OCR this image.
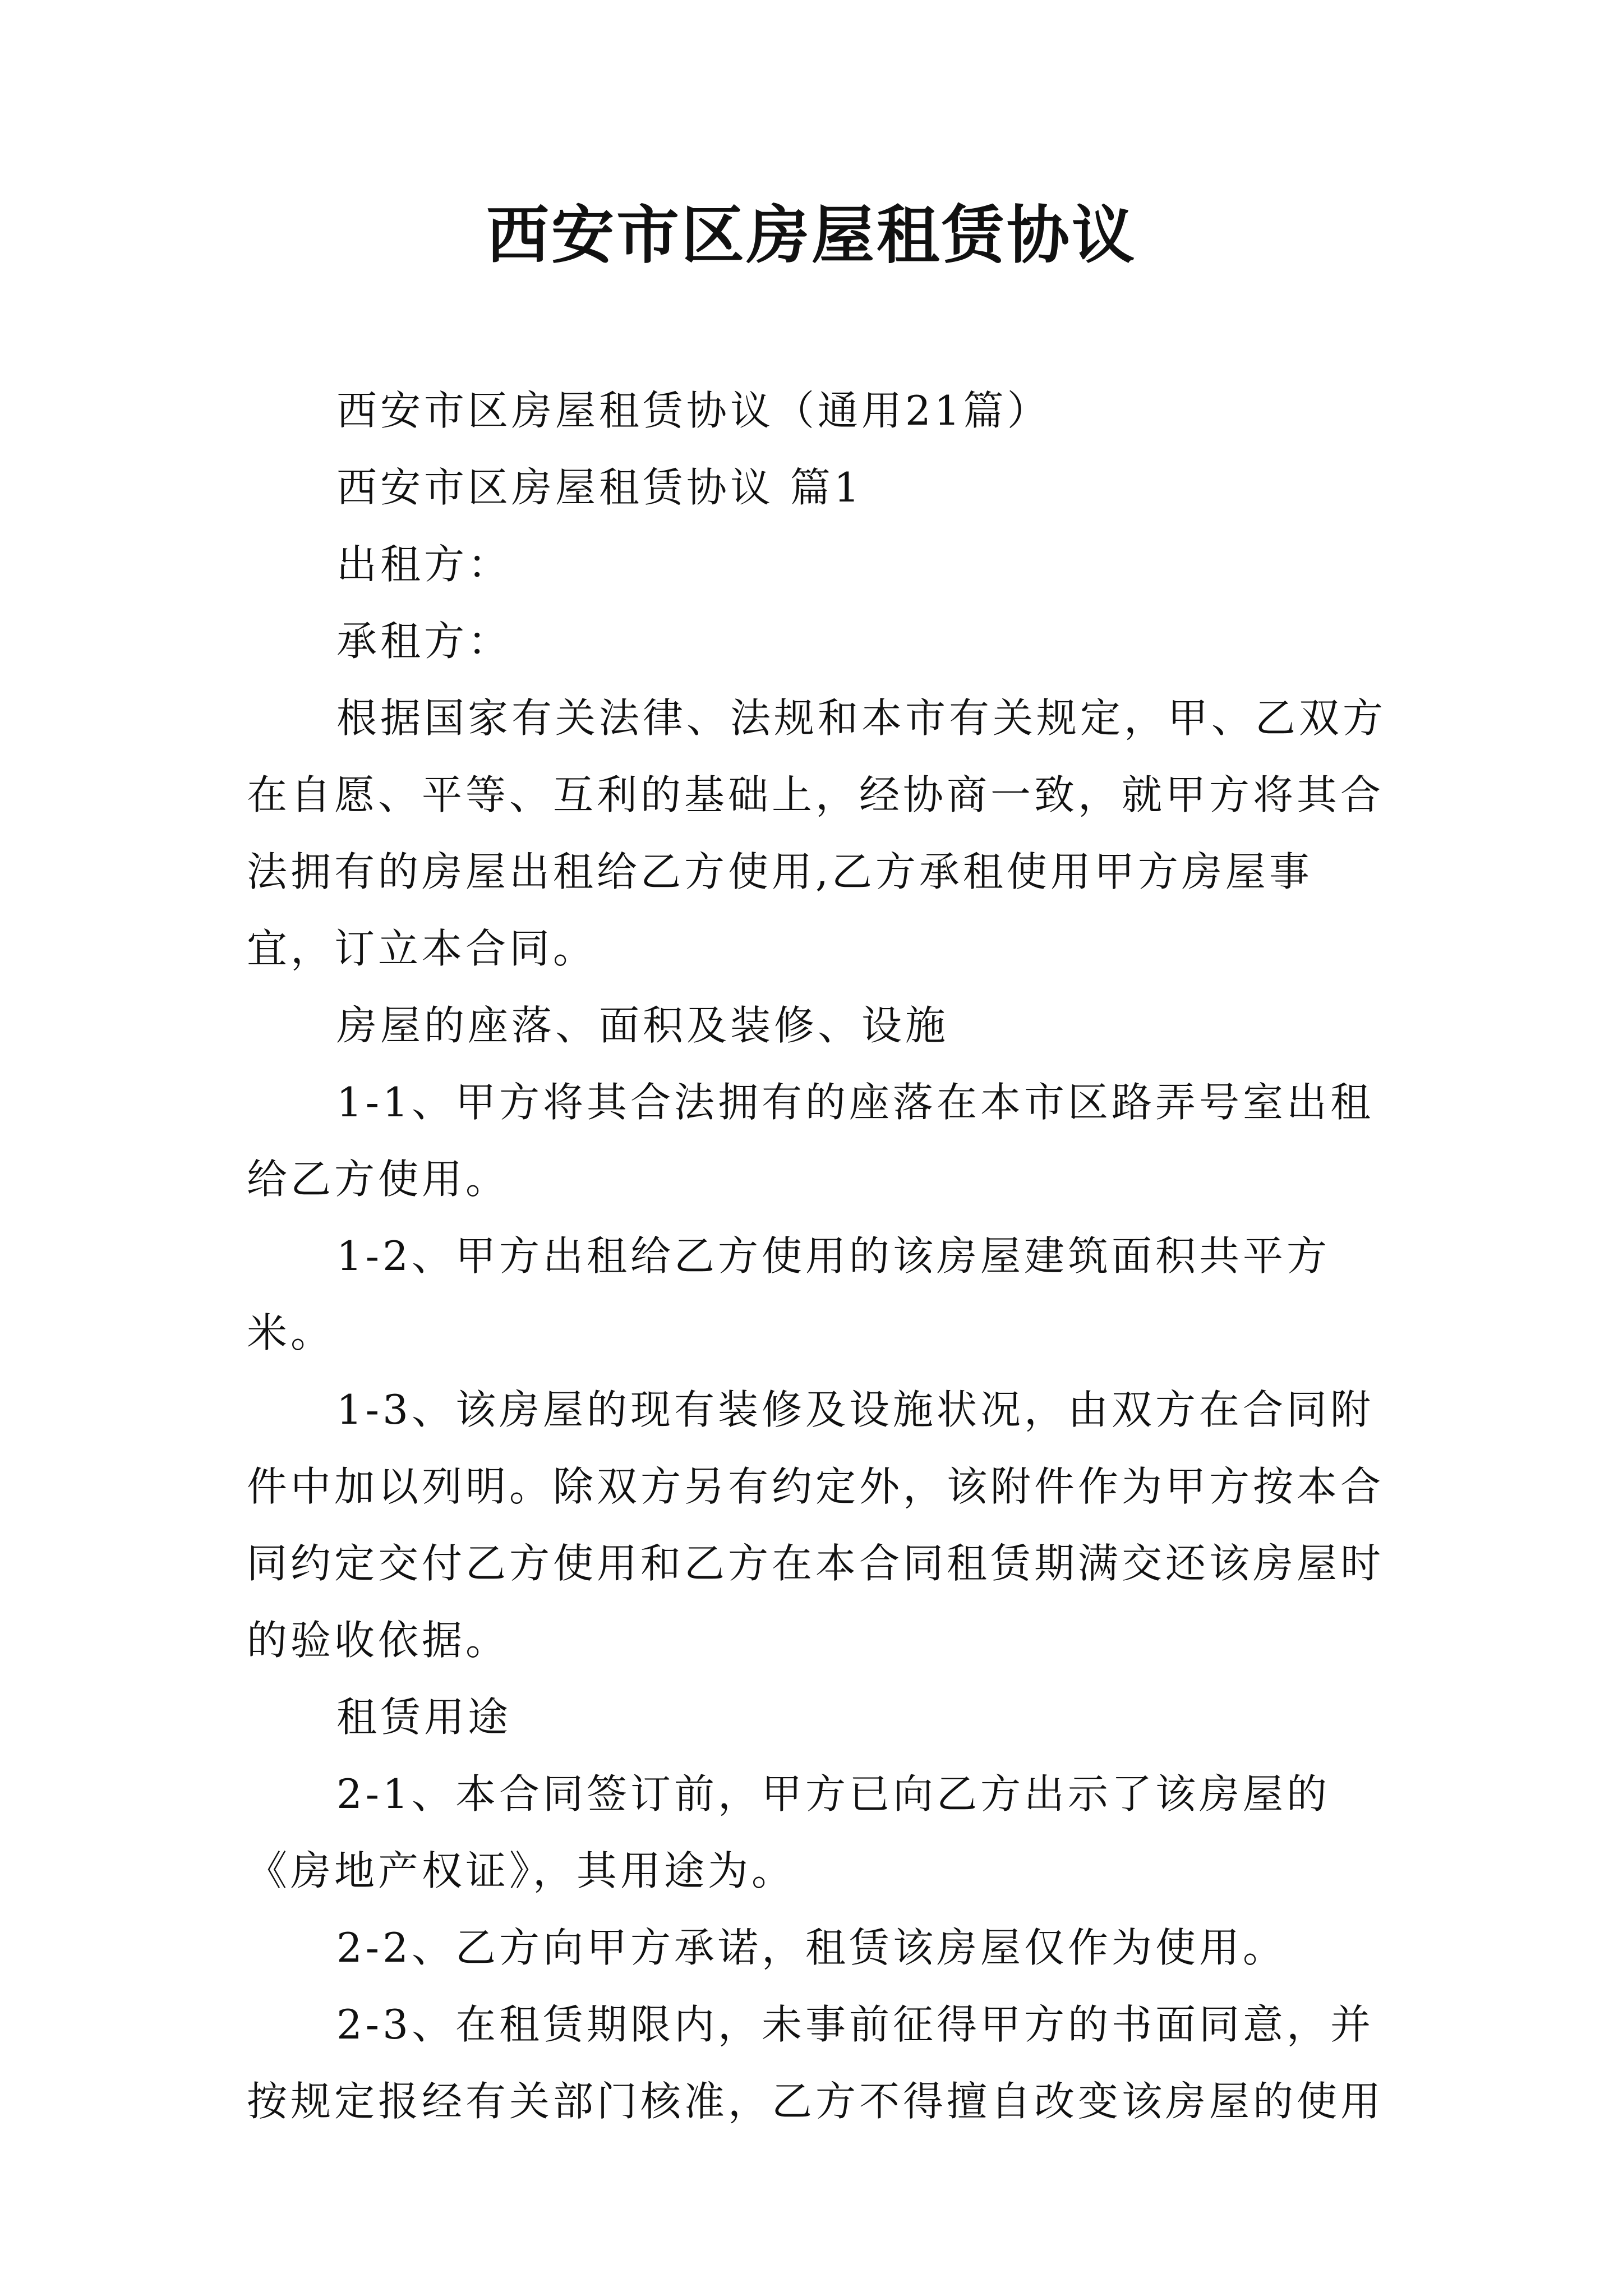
西安市区房屋租赁协议

西安市区房屋租赁协议（通用21篇）

西安市区房屋租赁协议 篇1

出租方：

承租方：

根据国家有关法律、法规和本市有关规定，甲、乙双方在自愿、平等、互利的基础上，经协商一致，就甲方将其合法拥有的房屋出租给乙方使用,乙方承租使用甲方房屋事宜，订立本合同。

房屋的座落、面积及装修、设施

1-1、甲方将其合法拥有的座落在本市区路弄号室出租给乙方使用。

1-2、甲方出租给乙方使用的该房屋建筑面积共平方米。

1-3、该房屋的现有装修及设施状况，由双方在合同附件中加以列明。除双方另有约定外，该附件作为甲方按本合同约定交付乙方使用和乙方在本合同租赁期满交还该房屋时的验收依据。

租赁用途

2-1、本合同签订前，甲方已向乙方出示了该房屋的《房地产权证》，其用途为。

2-2、乙方向甲方承诺，租赁该房屋仅作为使用。

2-3、在租赁期限内，未事前征得甲方的书面同意，并按规定报经有关部门核准，乙方不得擅自改变该房屋的使用
